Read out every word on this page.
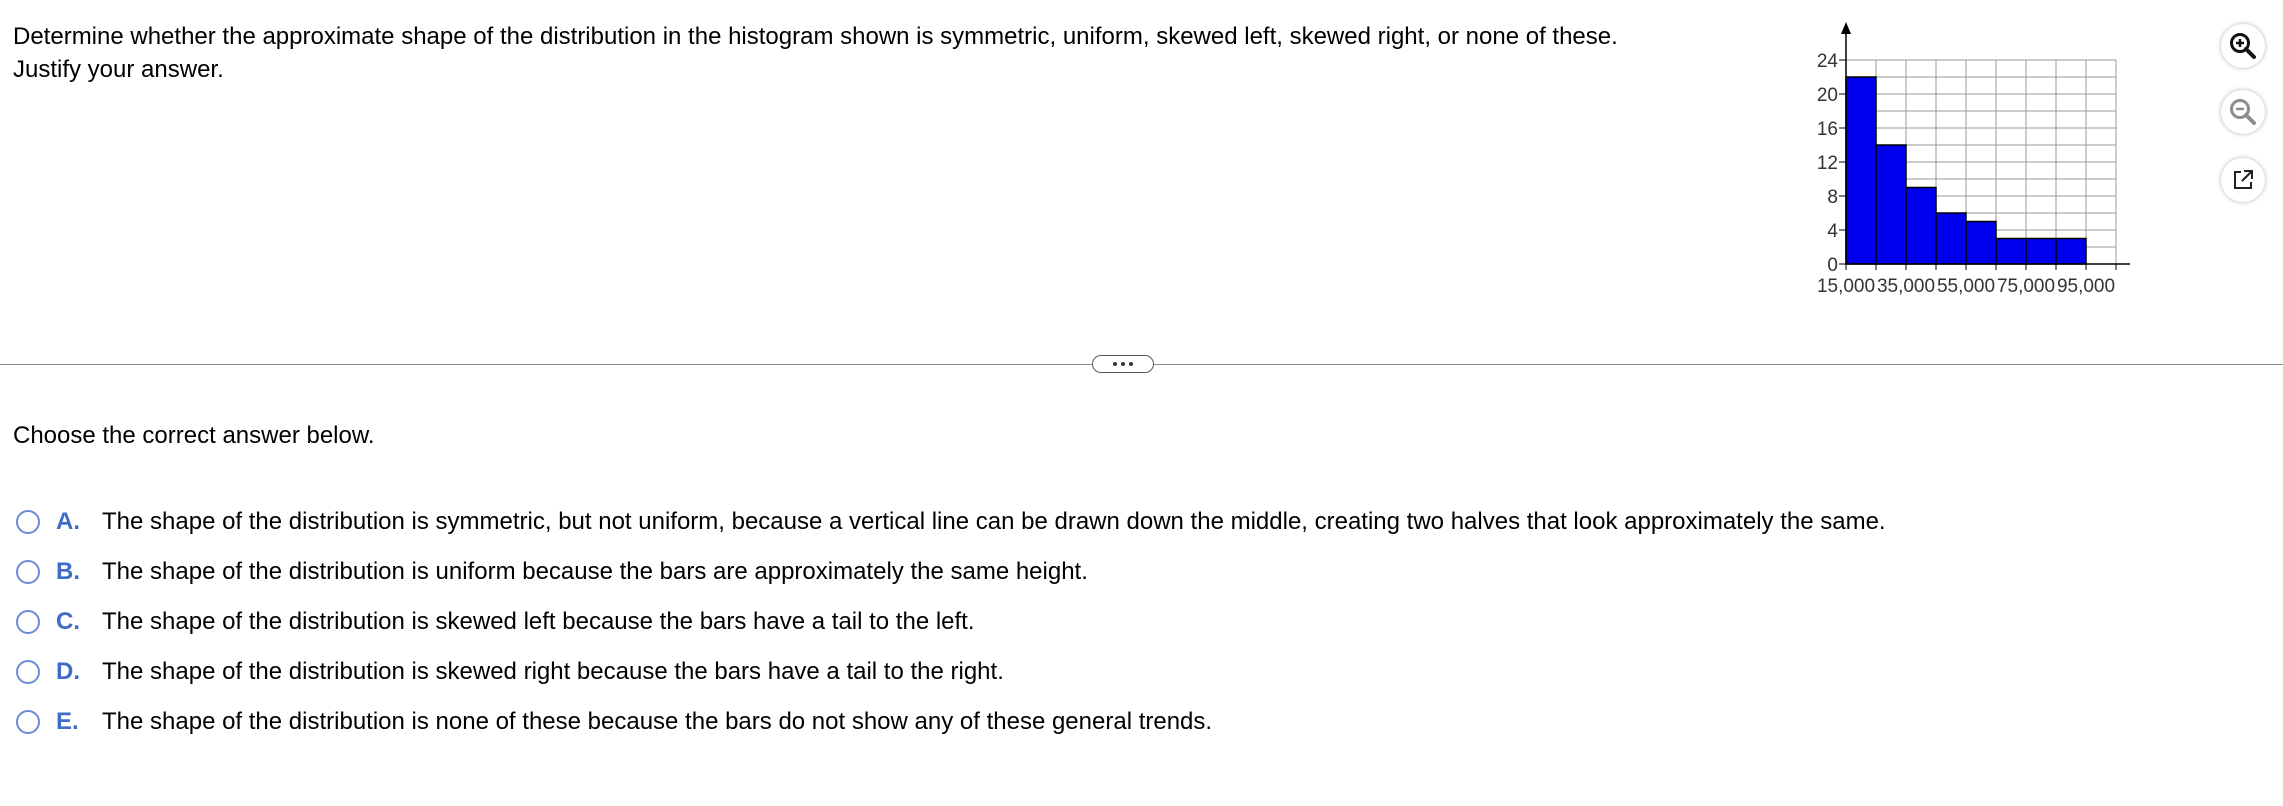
Determine whether the approximate shape of the distribution in the histogram shown is symmetric, uniform, skewed left, skewed right, or none of these.
Justify your answer.
0
4
8
12
16
20
24
15,000 35,000 55,000 75,000 95,000
Choose the correct answer below.
A. The shape of the distribution is symmetric, but not uniform, because a vertical line can be drawn down the middle, creating two halves that look approximately the same.
B. The shape of the distribution is uniform because the bars are approximately the same height.
C. The shape of the distribution is skewed left because the bars have a tail to the left.
D. The shape of the distribution is skewed right because the bars have a tail to the right.
E. The shape of the distribution is none of these because the bars do not show any of these general trends.
